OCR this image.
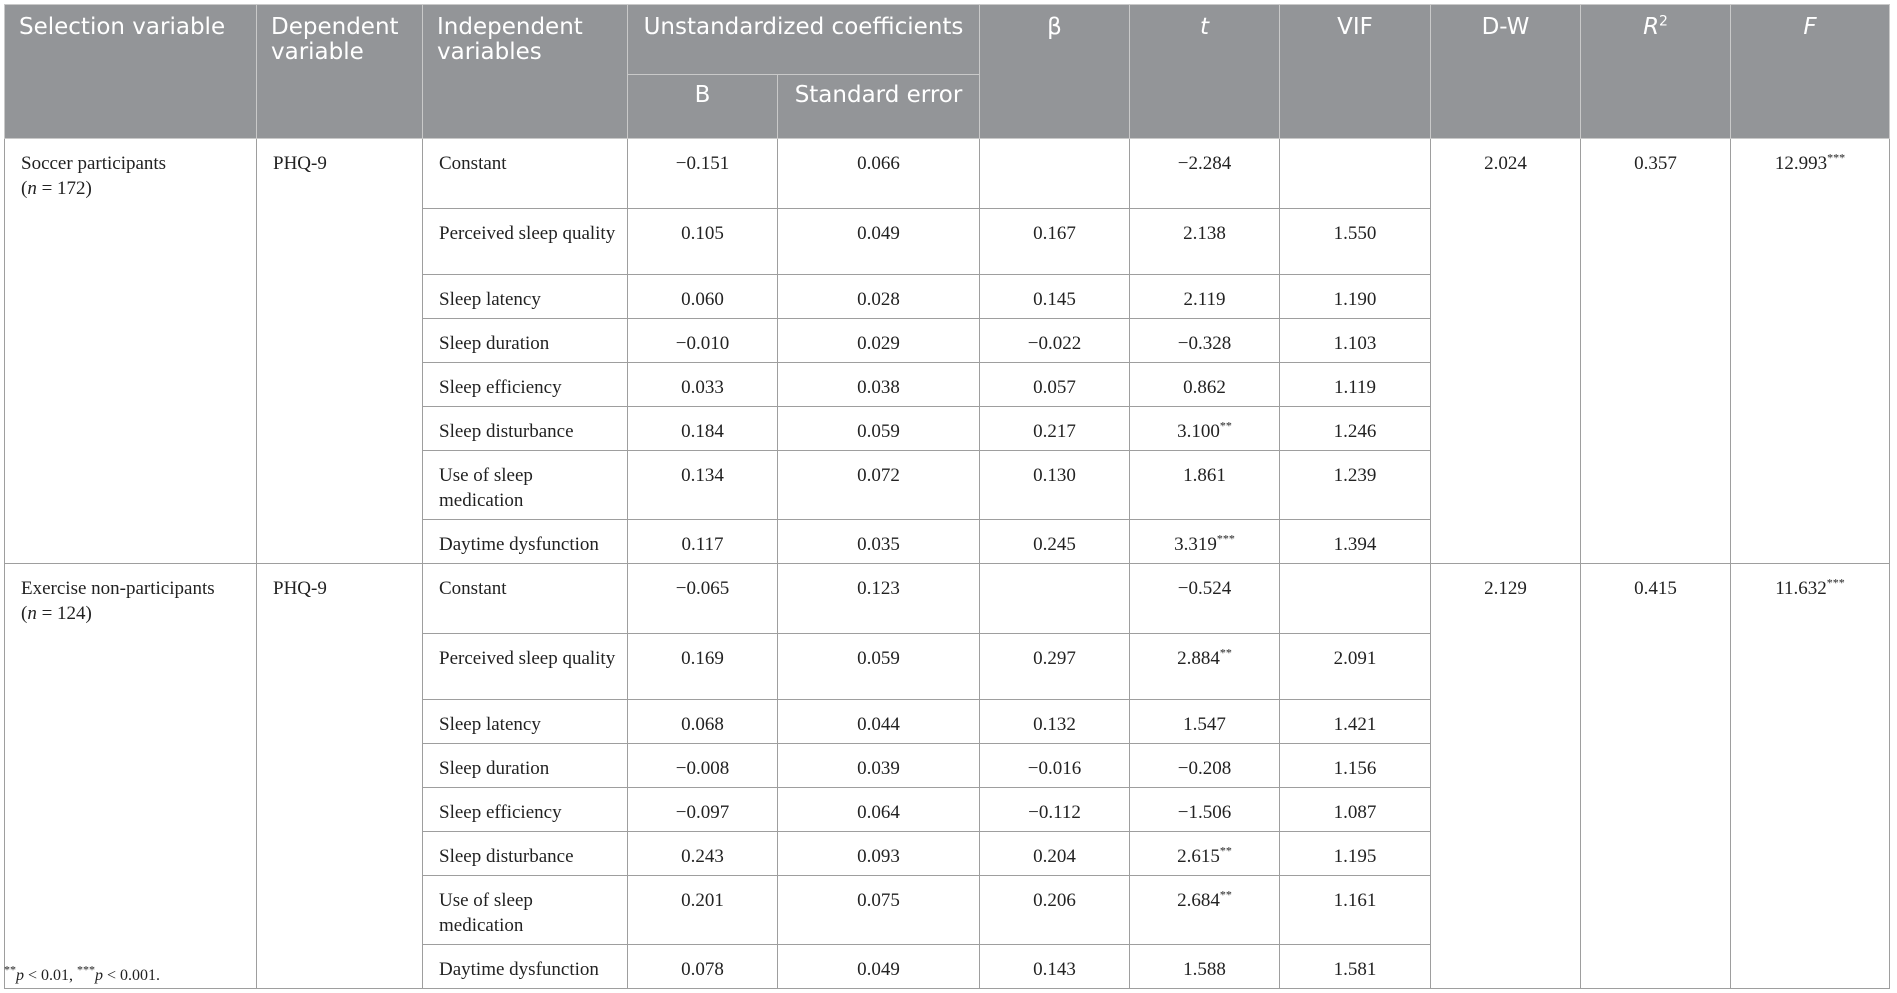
Selection variable	Dependent variable	Independent variables	Unstandardized coefficients		β	t	VIF	D-W	$R^2$	F
			B	Standard error						
Soccer participants
(n = 172)	PHQ-9	Constant	−0.151	0.066		−2.284		2.024	0.357	12.993***
		Perceived sleep quality	0.105	0.049	0.167	2.138	1.550			
		Sleep latency	0.060	0.028	0.145	2.119	1.190			
		Sleep duration	−0.010	0.029	−0.022	−0.328	1.103			
		Sleep efficiency	0.033	0.038	0.057	0.862	1.119			
		Sleep disturbance	0.184	0.059	0.217	3.100**	1.246			
		Use of sleep medication	0.134	0.072	0.130	1.861	1.239			
		Daytime dysfunction	0.117	0.035	0.245	3.319***	1.394			
Exercise non-participants
(n = 124)	PHQ-9	Constant	−0.065	0.123		−0.524		2.129	0.415	11.632***
		Perceived sleep quality	0.169	0.059	0.297	2.884**	2.091			
		Sleep latency	0.068	0.044	0.132	1.547	1.421			
		Sleep duration	−0.008	0.039	−0.016	−0.208	1.156			
		Sleep efficiency	−0.097	0.064	−0.112	−1.506	1.087			
		Sleep disturbance	0.243	0.093	0.204	2.615**	1.195			
		Use of sleep medication	0.201	0.075	0.206	2.684**	1.161			
		Daytime dysfunction	0.078	0.049	0.143	1.588	1.581			
**p < 0.01, ***p < 0.001.
